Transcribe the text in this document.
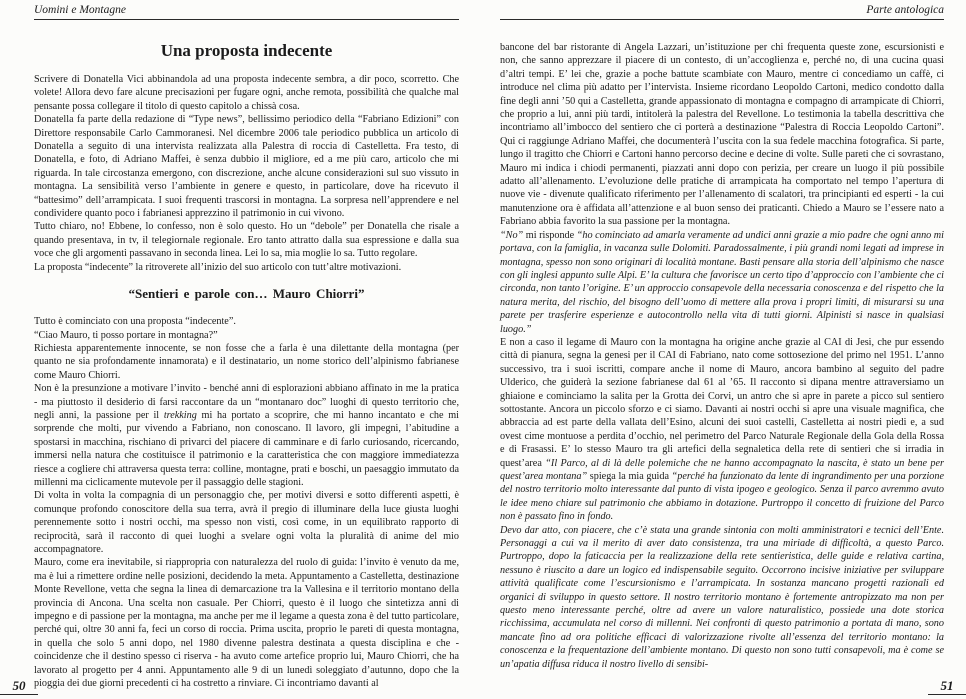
Uomini e Montagne
Una proposta indecente

Scrivere di Donatella Vici abbinandola ad una proposta indecente sembra, a dir poco, scorretto. Che volete! Allora devo fare alcune precisazioni per fugare ogni, anche remota, possibilità che qualche mal pensante possa collegare il titolo di questo capitolo a chissà cosa.

Donatella fa parte della redazione di “Type news”, bellissimo periodico della “Fabriano Edizioni” con Direttore responsabile Carlo Cammoranesi. Nel dicembre 2006 tale periodico pubblica un articolo di Donatella a seguito di una intervista realizzata alla Palestra di roccia di Castelletta. Fra testo, di Donatella, e foto, di Adriano Maffei, è senza dubbio il migliore, ed a me più caro, articolo che mi riguarda. In tale circostanza emergono, con discrezione, anche alcune considerazioni sul suo vissuto in montagna. La sensibilità verso l’ambiente in genere e questo, in particolare, dove ha ricevuto il “battesimo” dell’arrampicata. I suoi frequenti trascorsi in montagna. La sorpresa nell’apprendere e nel condividere quanto poco i fabrianesi apprezzino il patrimonio in cui vivono.

Tutto chiaro, no! Ebbene, lo confesso, non è solo questo. Ho un “debole” per Donatella che risale a quando presentava, in tv, il telegiornale regionale. Ero tanto attratto dalla sua espressione e dalla sua voce che gli argomenti passavano in seconda linea. Lei lo sa, mia moglie lo sa. Tutto regolare.

La proposta “indecente” la ritroverete all’inizio del suo articolo con tutt’altre motivazioni.

“Sentieri e parole con… Mauro Chiorri”

Tutto è cominciato con una proposta “indecente”.

“Ciao Mauro, ti posso portare in montagna?”

Richiesta apparentemente innocente, se non fosse che a farla è una dilettante della montagna (per quanto ne sia profondamente innamorata) e il destinatario, un nome storico dell’alpinismo fabrianese come Mauro Chiorri.

Non è la presunzione a motivare l’invito - benché anni di esplorazioni abbiano affinato in me la pratica - ma piuttosto il desiderio di farsi raccontare da un “montanaro doc” luoghi di questo territorio che, negli anni, la passione per il trekking mi ha portato a scoprire, che mi hanno incantato e che mi sorprende che molti, pur vivendo a Fabriano, non conoscano. Il lavoro, gli impegni, l’abitudine a spostarsi in macchina, rischiano di privarci del piacere di camminare e di farlo curiosando, ricercando, immersi nella natura che costituisce il patrimonio e la caratteristica che con maggiore immediatezza riesce a cogliere chi attraversa questa terra: colline, montagne, prati e boschi, un paesaggio immutato da millenni ma ciclicamente mutevole per il passaggio delle stagioni.

Di volta in volta la compagnia di un personaggio che, per motivi diversi e sotto differenti aspetti, è comunque profondo conoscitore della sua terra, avrà il pregio di illuminare della luce giusta luoghi perennemente sotto i nostri occhi, ma spesso non visti, così come, in un equilibrato rapporto di reciprocità, sarà il racconto di quei luoghi a svelare ogni volta la pluralità di anime del mio accompagnatore.

Mauro, come era inevitabile, si riappropria con naturalezza del ruolo di guida: l’invito è venuto da me, ma è lui a rimettere ordine nelle posizioni, decidendo la meta. Appuntamento a Castelletta, destinazione Monte Revellone, vetta che segna la linea di demarcazione tra la Vallesina e il territorio montano della provincia di Ancona. Una scelta non casuale. Per Chiorri, questo è il luogo che sintetizza anni di impegno e di passione per la montagna, ma anche per me il legame a questa zona è del tutto particolare, perché qui, oltre 30 anni fa, feci un corso di roccia. Prima uscita, proprio le pareti di questa montagna, in quella che solo 5 anni dopo, nel 1980 divenne palestra destinata a questa disciplina e che - coincidenze che il destino spesso ci riserva - ha avuto come artefice proprio lui, Mauro Chiorri, che ha lavorato al progetto per 4 anni. Appuntamento alle 9 di un lunedì soleggiato d’autunno, dopo che la pioggia dei due giorni precedenti ci ha costretto a rinviare. Ci incontriamo davanti al

Parte antologica

bancone del bar ristorante di Angela Lazzari, un’istituzione per chi frequenta queste zone, escursionisti e non, che sanno apprezzare il piacere di un contesto, di un’accoglienza e, perché no, di una cucina quasi d’altri tempi. E’ lei che, grazie a poche battute scambiate con Mauro, mentre ci concediamo un caffè, ci introduce nel clima più adatto per l’intervista. Insieme ricordano Leopoldo Cartoni, medico condotto dalla fine degli anni ’50 qui a Castelletta, grande appassionato di montagna e compagno di arrampicate di Chiorri, che proprio a lui, anni più tardi, intitolerà la palestra del Revellone. Lo testimonia la tabella descrittiva che incontriamo all’imbocco del sentiero che ci porterà a destinazione “Palestra di Roccia Leopoldo Cartoni”. Qui ci raggiunge Adriano Maffei, che documenterà l’uscita con la sua fedele macchina fotografica. Si parte, lungo il tragitto che Chiorri e Cartoni hanno percorso decine e decine di volte. Sulle pareti che ci sovrastano, Mauro mi indica i chiodi permanenti, piazzati anni dopo con perizia, per creare un luogo il più possibile adatto all’allenamento. L’evoluzione delle pratiche di arrampicata ha comportato nel tempo l’apertura di nuove vie - divenute qualificato riferimento per l’allenamento di scalatori, tra principianti ed esperti - la cui manutenzione ora è affidata all’attenzione e al buon senso dei praticanti. Chiedo a Mauro se l’essere nato a Fabriano abbia favorito la sua passione per la montagna.

“No” mi risponde “ho cominciato ad amarla veramente ad undici anni grazie a mio padre che ogni anno mi portava, con la famiglia, in vacanza sulle Dolomiti. Paradossalmente, i più grandi nomi legati ad imprese in montagna, spesso non sono originari di località montane. Basti pensare alla storia dell’alpinismo che nasce con gli inglesi appunto sulle Alpi. E’ la cultura che favorisce un certo tipo d’approccio con l’ambiente che ci circonda, non tanto l’origine. E’ un approccio consapevole della necessaria conoscenza e del rispetto che la natura merita, del rischio, del bisogno dell’uomo di mettere alla prova i propri limiti, di misurarsi su una parete per trasferire esperienze e autocontrollo nella vita di tutti giorni. Alpinisti si nasce in qualsiasi luogo.”

E non a caso il legame di Mauro con la montagna ha origine anche grazie al CAI di Jesi, che pur essendo città di pianura, segna la genesi per il CAI di Fabriano, nato come sottosezione del primo nel 1951. L’anno successivo, tra i suoi iscritti, compare anche il nome di Mauro, ancora bambino al seguito del padre Ulderico, che guiderà la sezione fabrianese dal 61 al ’65. Il racconto si dipana mentre attraversiamo un ghiaione e cominciamo la salita per la Grotta dei Corvi, un antro che si apre in parete a picco sul sentiero sottostante. Ancora un piccolo sforzo e ci siamo. Davanti ai nostri occhi si apre una visuale magnifica, che abbraccia ad est parte della vallata dell’Esino, alcuni dei suoi castelli, Castelletta ai nostri piedi e, a sud ovest cime montuose a perdita d’occhio, nel perimetro del Parco Naturale Regionale della Gola della Rossa e di Frasassi. E’ lo stesso Mauro tra gli artefici della segnaletica della rete di sentieri che si irradia in quest’area “Il Parco, al di là delle polemiche che ne hanno accompagnato la nascita, è stato un bene per quest’area montana” spiega la mia guida “perché ha funzionato da lente di ingrandimento per una porzione del nostro territorio molto interessante dal punto di vista ipogeo e geologico. Senza il parco avremmo avuto le idee meno chiare sul patrimonio che abbiamo in dotazione. Purtroppo il concetto di fruizione del Parco non è passato fino in fondo.

Devo dar atto, con piacere, che c’è stata una grande sintonia con molti amministratori e tecnici dell’Ente. Personaggi a cui va il merito di aver dato consistenza, tra una miriade di difficoltà, a questo Parco. Purtroppo, dopo la faticaccia per la realizzazione della rete sentieristica, delle guide e relativa cartina, nessuno è riuscito a dare un logico ed indispensabile seguito. Occorrono incisive iniziative per sviluppare attività qualificate come l’escursionismo e l’arrampicata. In sostanza mancano progetti razionali ed organici di sviluppo in questo settore. Il nostro territorio montano è fortemente antropizzato ma non per questo meno interessante perché, oltre ad avere un valore naturalistico, possiede una dote storica ricchissima, accumulata nel corso di millenni. Nei confronti di questo patrimonio a portata di mano, sono mancate fino ad ora politiche efficaci di valorizzazione rivolte all’essenza del territorio montano: la conoscenza e la frequentazione dell’ambiente montano. Di questo non sono tutti consapevoli, ma è come se un’apatia diffusa riduca il nostro livello di sensibi-

50	51
